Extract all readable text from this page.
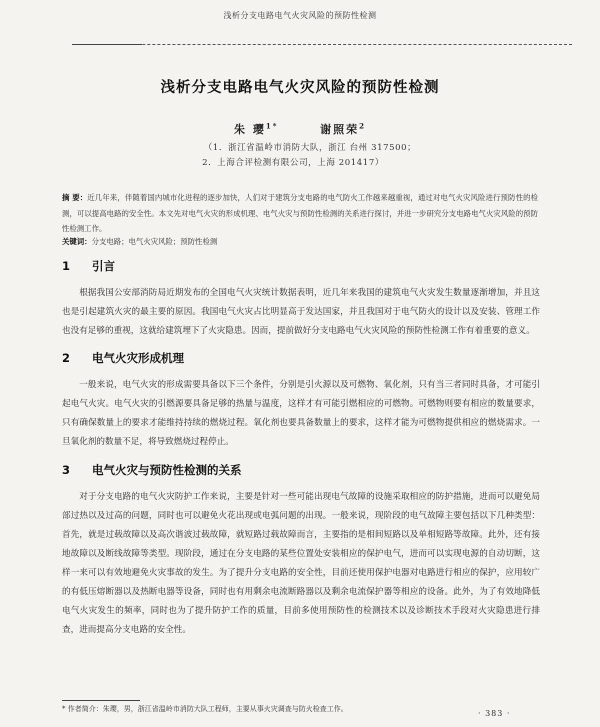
浅析分支电路电气火灾风险的预防性检测
浅析分支电路电气火灾风险的预防性检测
朱 璎$^{1*}$	谢照荣$^2$
（1．浙江省温岭市消防大队，浙江 台州 317500；
2．上海合评检测有限公司，上海 201417）
摘 要：近几年来，伴随着国内城市化进程的逐步加快，人们对于建筑分支电路的电气防火工作越来越重视，通过对电气火灾风险进行预防性的检测，可以提高电路的安全性。本文先对电气火灾的形成机理、电气火灾与预防性检测的关系进行探讨，并进一步研究分支电路电气火灾风险的预防性检测工作。
关键词：分支电路；电气火灾风险；预防性检测
1 引言
根据我国公安部消防局近期发布的全国电气火灾统计数据表明，近几年来我国的建筑电气火灾发生数量逐渐增加，并且这也是引起建筑火灾的最主要的原因。我国电气火灾占比明显高于发达国家，并且我国对于电气防火的设计以及安装、管理工作也没有足够的重视，这就给建筑埋下了火灾隐患。因而，提前做好分支电路电气火灾风险的预防性检测工作有着重要的意义。
2 电气火灾形成机理
一般来说，电气火灾的形成需要具备以下三个条件，分别是引火源以及可燃物、氧化剂，只有当三者同时具备，才可能引起电气火灾。电气火灾的引燃源要具备足够的热量与温度，这样才有可能引燃相应的可燃物。可燃物则要有相应的数量要求，只有确保数量上的要求才能维持持续的燃烧过程。氧化剂也要具备数量上的要求，这样才能为可燃物提供相应的燃烧需求。一旦氧化剂的数量不足，将导致燃烧过程停止。
3 电气火灾与预防性检测的关系
对于分支电路的电气火灾防护工作来说，主要是针对一些可能出现电气故障的设施采取相应的防护措施，进而可以避免局部过热以及过高的问题，同时也可以避免火花出现或电弧问题的出现。一般来说，现阶段的电气故障主要包括以下几种类型：首先，就是过载故障以及高次谐波过载故障，就短路过载故障而言，主要指的是相间短路以及单相短路等故障。此外，还有接地故障以及断线故障等类型。现阶段，通过在分支电路的某些位置处安装相应的保护电气，进而可以实现电源的自动切断，这样一来可以有效地避免火灾事故的发生。为了提升分支电路的安全性，目前还使用保护电器对电路进行相应的保护，应用较广的有低压熔断器以及热断电器等设备，同时也有用剩余电流断路器以及剩余电流保护器等相应的设备。此外，为了有效地降低电气火灾发生的频率，同时也为了提升防护工作的质量，目前多使用预防性的检测技术以及诊断技术手段对火灾隐患进行排查，进而提高分支电路的安全性。
* 作者简介：朱璎，男，浙江省温岭市消防大队工程师，主要从事火灾调查与防火检查工作。	· 383 ·
